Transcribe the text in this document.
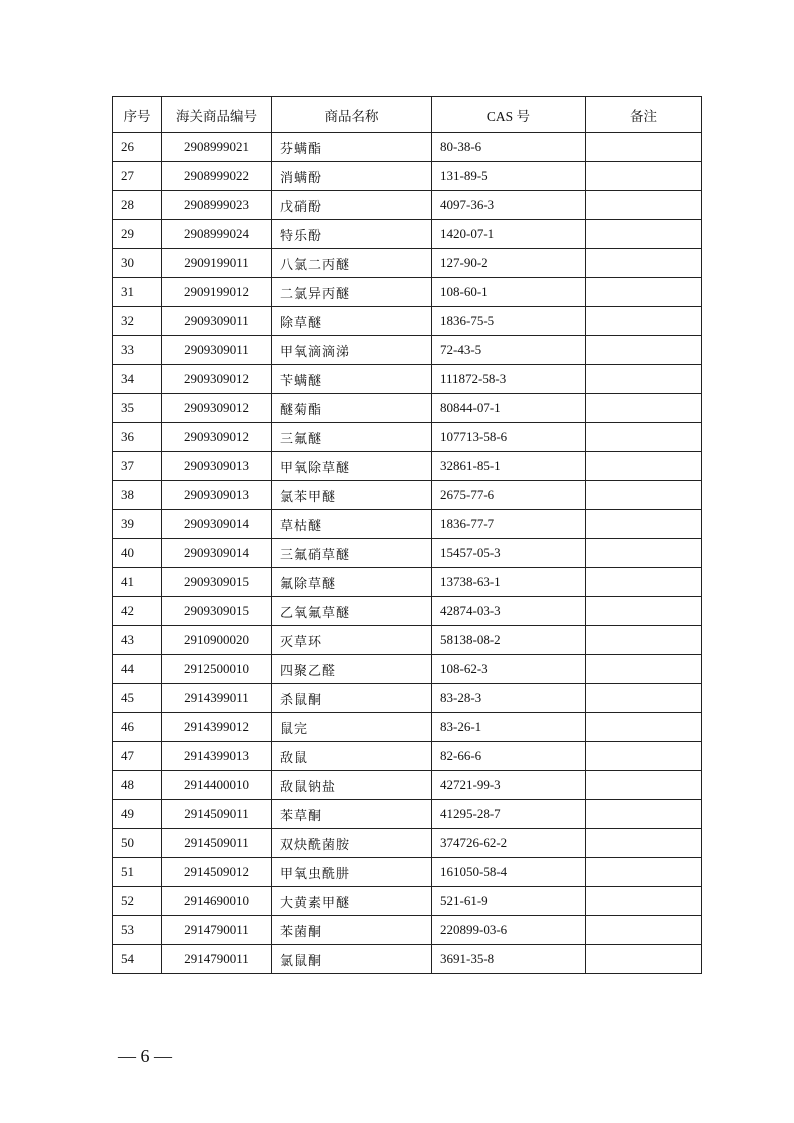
序号	海关商品编号	商品名称	CAS 号	备注
26	2908999021	芬螨酯	80-38-6	
27	2908999022	消螨酚	131-89-5	
28	2908999023	戊硝酚	4097-36-3	
29	2908999024	特乐酚	1420-07-1	
30	2909199011	八氯二丙醚	127-90-2	
31	2909199012	二氯异丙醚	108-60-1	
32	2909309011	除草醚	1836-75-5	
33	2909309011	甲氧滴滴涕	72-43-5	
34	2909309012	苄螨醚	111872-58-3	
35	2909309012	醚菊酯	80844-07-1	
36	2909309012	三氟醚	107713-58-6	
37	2909309013	甲氧除草醚	32861-85-1	
38	2909309013	氯苯甲醚	2675-77-6	
39	2909309014	草枯醚	1836-77-7	
40	2909309014	三氟硝草醚	15457-05-3	
41	2909309015	氟除草醚	13738-63-1	
42	2909309015	乙氧氟草醚	42874-03-3	
43	2910900020	灭草环	58138-08-2	
44	2912500010	四聚乙醛	108-62-3	
45	2914399011	杀鼠酮	83-28-3	
46	2914399012	鼠完	83-26-1	
47	2914399013	敌鼠	82-66-6	
48	2914400010	敌鼠钠盐	42721-99-3	
49	2914509011	苯草酮	41295-28-7	
50	2914509011	双炔酰菌胺	374726-62-2	
51	2914509012	甲氧虫酰肼	161050-58-4	
52	2914690010	大黄素甲醚	521-61-9	
53	2914790011	苯菌酮	220899-03-6	
54	2914790011	氯鼠酮	3691-35-8	
— 6 —
